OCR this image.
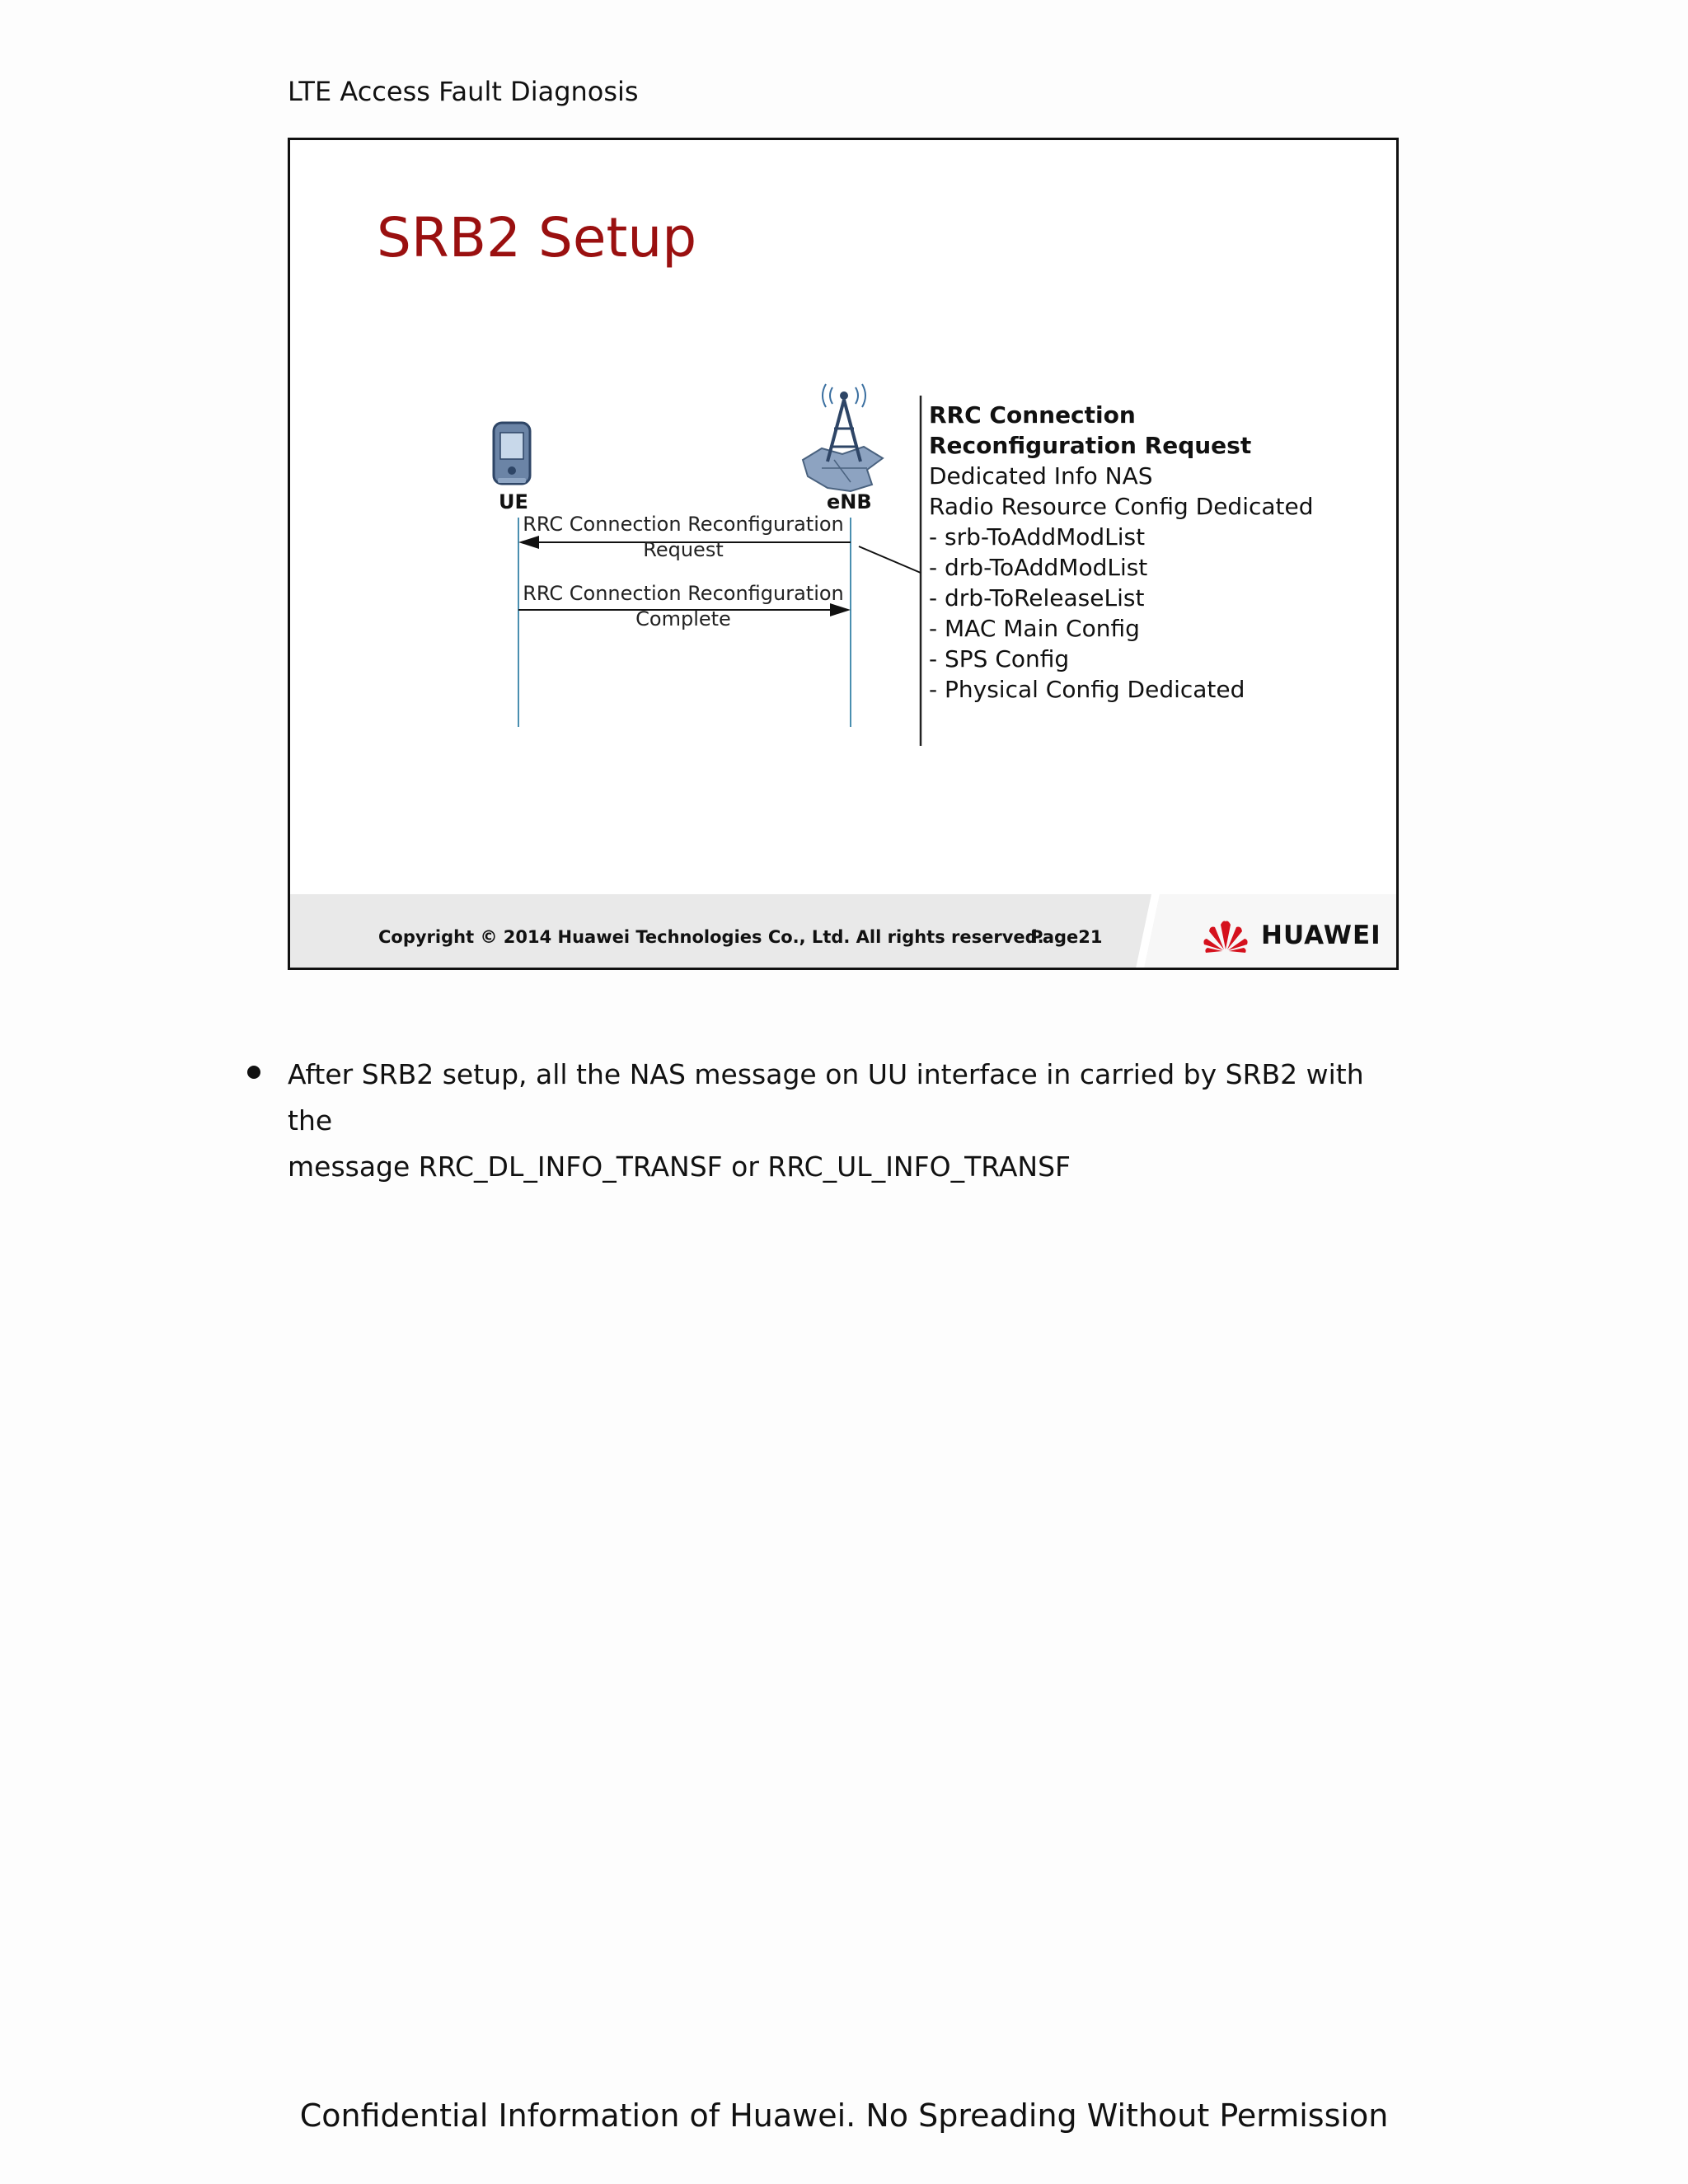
LTE Access Fault Diagnosis
SRB2 Setup
UE	eNB
RRC Connection Reconfiguration
Request
RRC Connection Reconfiguration
Complete
RRC Connection
Reconfiguration Request
Dedicated Info NAS
Radio Resource Config Dedicated
- srb-ToAddModList
- drb-ToAddModList
- drb-ToReleaseList
- MAC Main Config
- SPS Config
- Physical Config Dedicated
Copyright © 2014 Huawei Technologies Co., Ltd. All rights reserved.
Page21	HUAWEI
After SRB2 setup, all the NAS message on UU interface in carried by SRB2 with the
message RRC_DL_INFO_TRANSF or RRC_UL_INFO_TRANSF
Confidential Information of Huawei. No Spreading Without Permission
